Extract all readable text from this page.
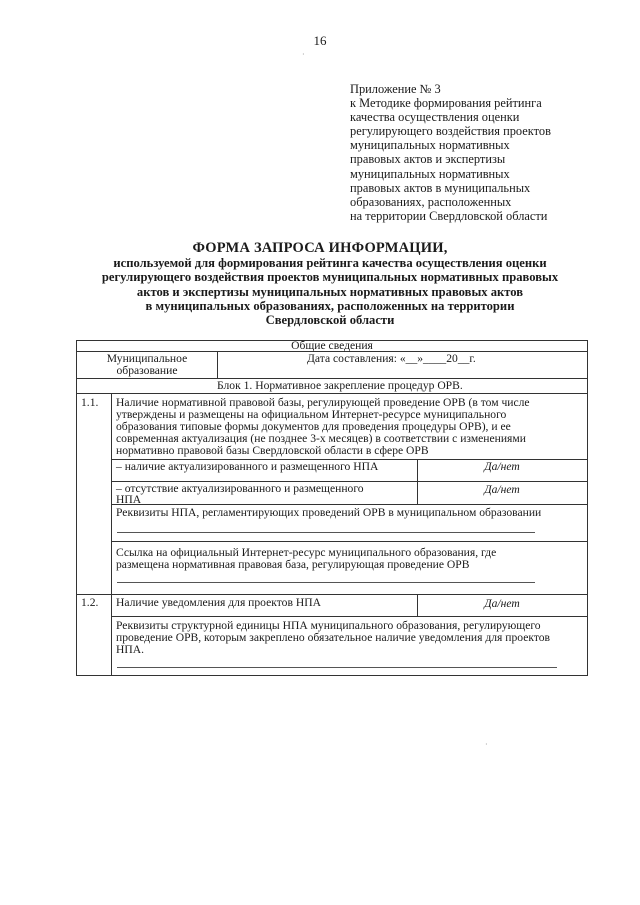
16
·
Приложение № 3
к Методике формирования рейтинга
качества осуществления оценки
регулирующего воздействия проектов
муниципальных нормативных
правовых актов и экспертизы
муниципальных нормативных
правовых актов в муниципальных
образованиях, расположенных
на территории Свердловской области
ФОРМА ЗАПРОСА ИНФОРМАЦИИ,
используемой для формирования рейтинга качества осуществления оценки
регулирующего воздействия проектов муниципальных нормативных правовых
актов и экспертизы муниципальных нормативных правовых актов
в муниципальных образованиях, расположенных на территории
Свердловской области
Общие сведения
Муниципальное
образование
Дата составления: «__»____20__г.
Блок 1. Нормативное закрепление процедур ОРВ.
1.1. Наличие нормативной правовой базы, регулирующей проведение ОРВ (в том числе
утверждены и размещены на официальном Интернет-ресурсе муниципального
образования типовые формы документов для проведения процедуры ОРВ), и ее
современная актуализация (не позднее 3-х месяцев) в соответствии с изменениями
нормативно правовой базы Свердловской области в сфере ОРВ
– наличие актуализированного и размещенного НПА	Да/нет
– отсутствие актуализированного и размещенного
НПА
Да/нет
Реквизиты НПА, регламентирующих проведений ОРВ в муниципальном образовании
Ссылка на официальный Интернет-ресурс муниципального образования, где
размещена нормативная правовая база, регулирующая проведение ОРВ
1.2. Наличие уведомления для проектов НПА	Да/нет
Реквизиты структурной единицы НПА муниципального образования, регулирующего
проведение ОРВ, которым закреплено обязательное наличие уведомления для проектов
НПА.
·
